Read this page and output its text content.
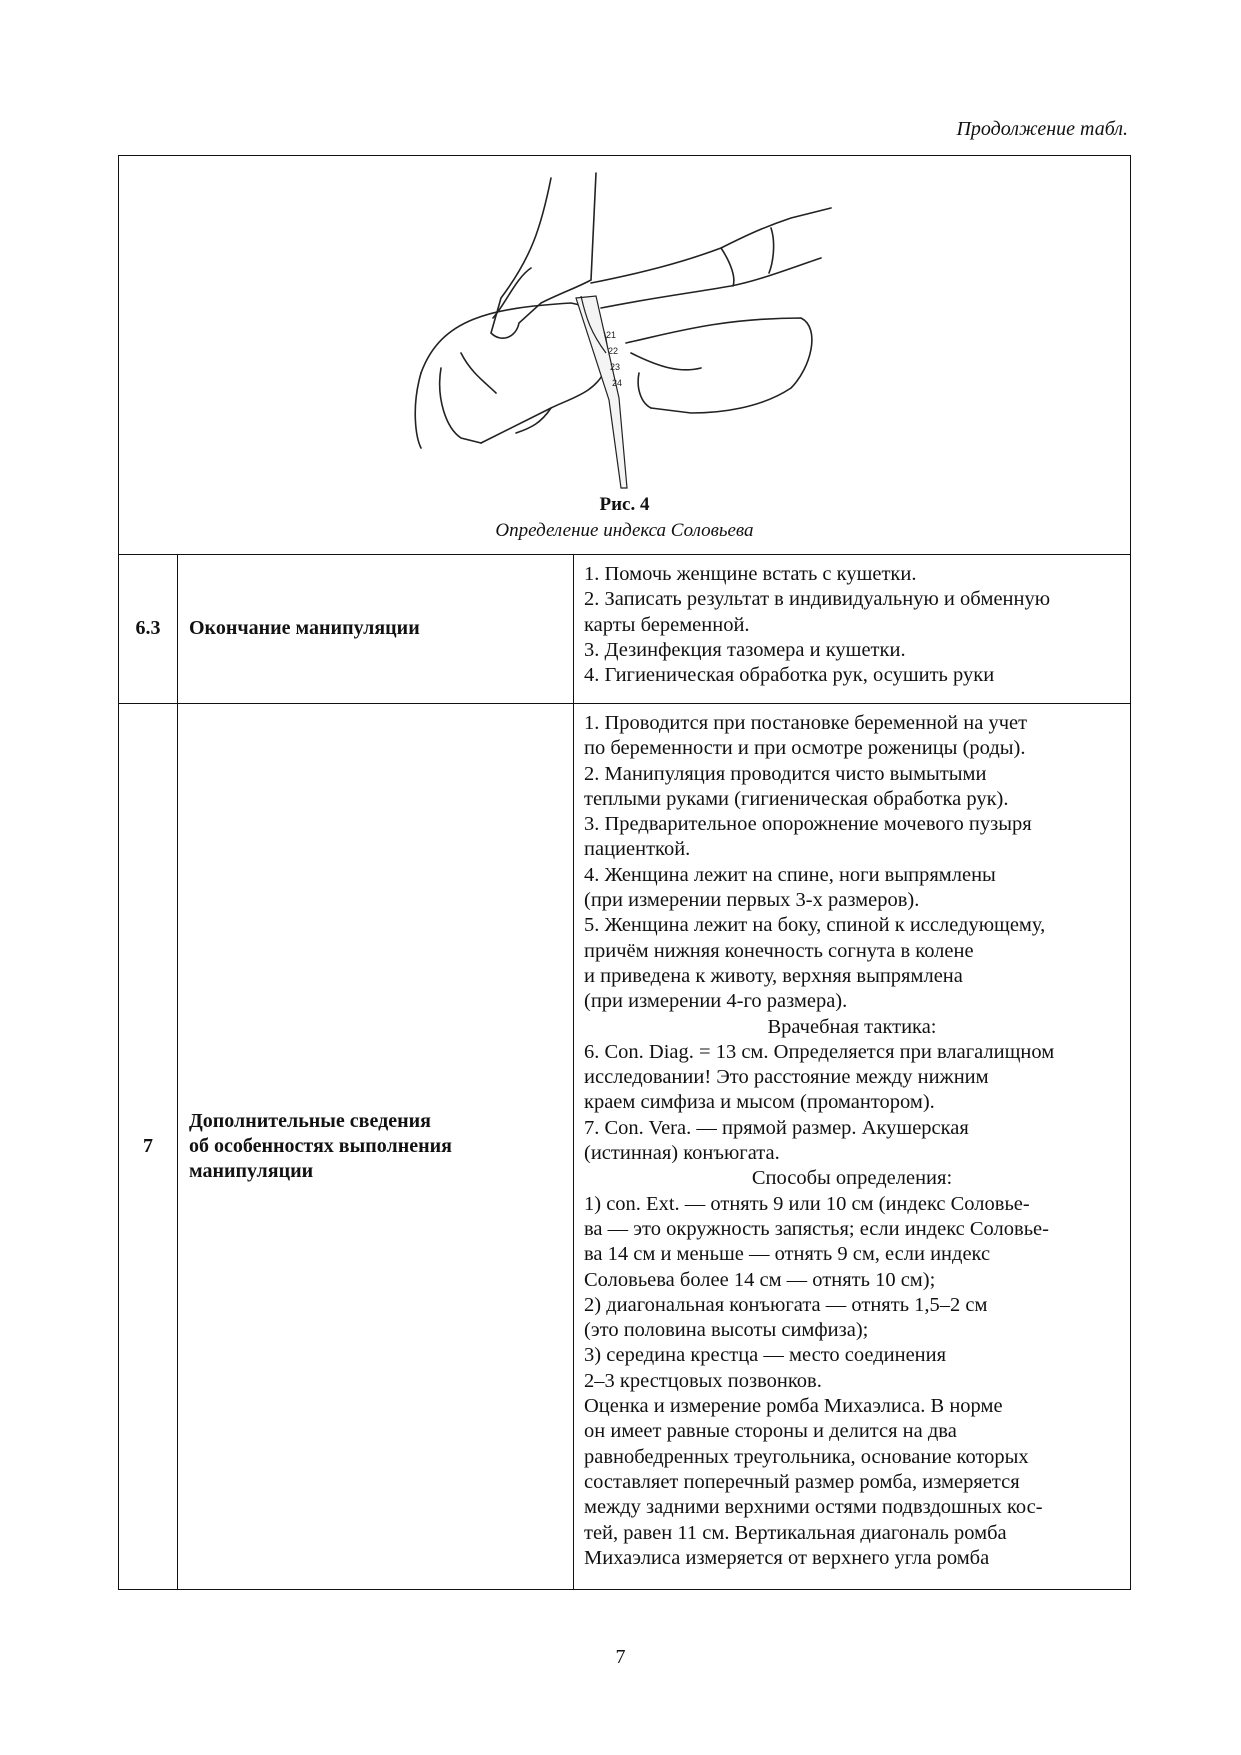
Продолжение табл.
21
22
23
24
Рис. 4
Определение индекса Соловьева
6.3	Окончание манипуляции
1. Помочь женщине встать с кушетки.
2. Записать результат в индивидуальную и обменную
карты беременной.
3. Дезинфекция тазомера и кушетки.
4. Гигиеническая обработка рук, осушить руки
7
Дополнительные сведения
об особенностях выполнения
манипуляции
1. Проводится при постановке беременной на учет
по беременности и при осмотре роженицы (роды).
2. Манипуляция проводится чисто вымытыми
теплыми руками (гигиеническая обработка рук).
3. Предварительное опорожнение мочевого пузыря
пациенткой.
4. Женщина лежит на спине, ноги выпрямлены
(при измерении первых 3-х размеров).
5. Женщина лежит на боку, спиной к исследующему,
причём нижняя конечность согнута в колене
и приведена к животу, верхняя выпрямлена
(при измерении 4-го размера).
Врачебная тактика:
6. Con. Diag. = 13 см. Определяется при влагалищном
исследовании! Это расстояние между нижним
краем симфиза и мысом (промантором).
7. Con. Vera. — прямой размер. Акушерская
(истинная) конъюгата.
Способы определения:
1) con. Ext. — отнять 9 или 10 см (индекс Соловье-
ва — это окружность запястья; если индекс Соловье-
ва 14 см и меньше — отнять 9 см, если индекс
Соловьева более 14 см — отнять 10 см);
2) диагональная конъюгата — отнять 1,5–2 см
(это половина высоты симфиза);
3) середина крестца — место соединения
2–3 крестцовых позвонков.
Оценка и измерение ромба Михаэлиса. В норме
он имеет равные стороны и делится на два
равнобедренных треугольника, основание которых
составляет поперечный размер ромба, измеряется
между задними верхними остями подвздошных кос-
тей, равен 11 см. Вертикальная диагональ ромба
Михаэлиса измеряется от верхнего угла ромба
7
